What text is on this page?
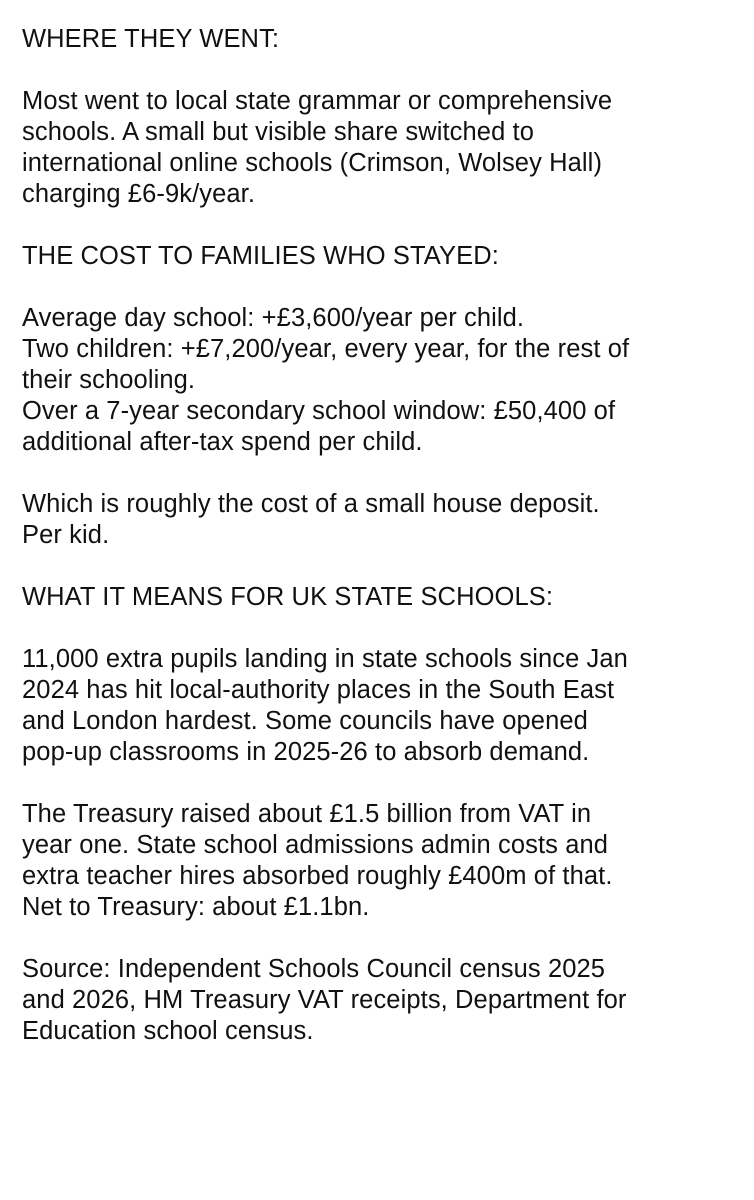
WHERE THEY WENT:

Most went to local state grammar or comprehensive
schools. A small but visible share switched to
international online schools (Crimson, Wolsey Hall)
charging £6-9k/year.

THE COST TO FAMILIES WHO STAYED:

Average day school: +£3,600/year per child.
Two children: +£7,200/year, every year, for the rest of
their schooling.
Over a 7-year secondary school window: £50,400 of
additional after-tax spend per child.

Which is roughly the cost of a small house deposit.
Per kid.

WHAT IT MEANS FOR UK STATE SCHOOLS:

11,000 extra pupils landing in state schools since Jan
2024 has hit local-authority places in the South East
and London hardest. Some councils have opened
pop-up classrooms in 2025-26 to absorb demand.

The Treasury raised about £1.5 billion from VAT in
year one. State school admissions admin costs and
extra teacher hires absorbed roughly £400m of that.
Net to Treasury: about £1.1bn.

Source: Independent Schools Council census 2025
and 2026, HM Treasury VAT receipts, Department for
Education school census.
